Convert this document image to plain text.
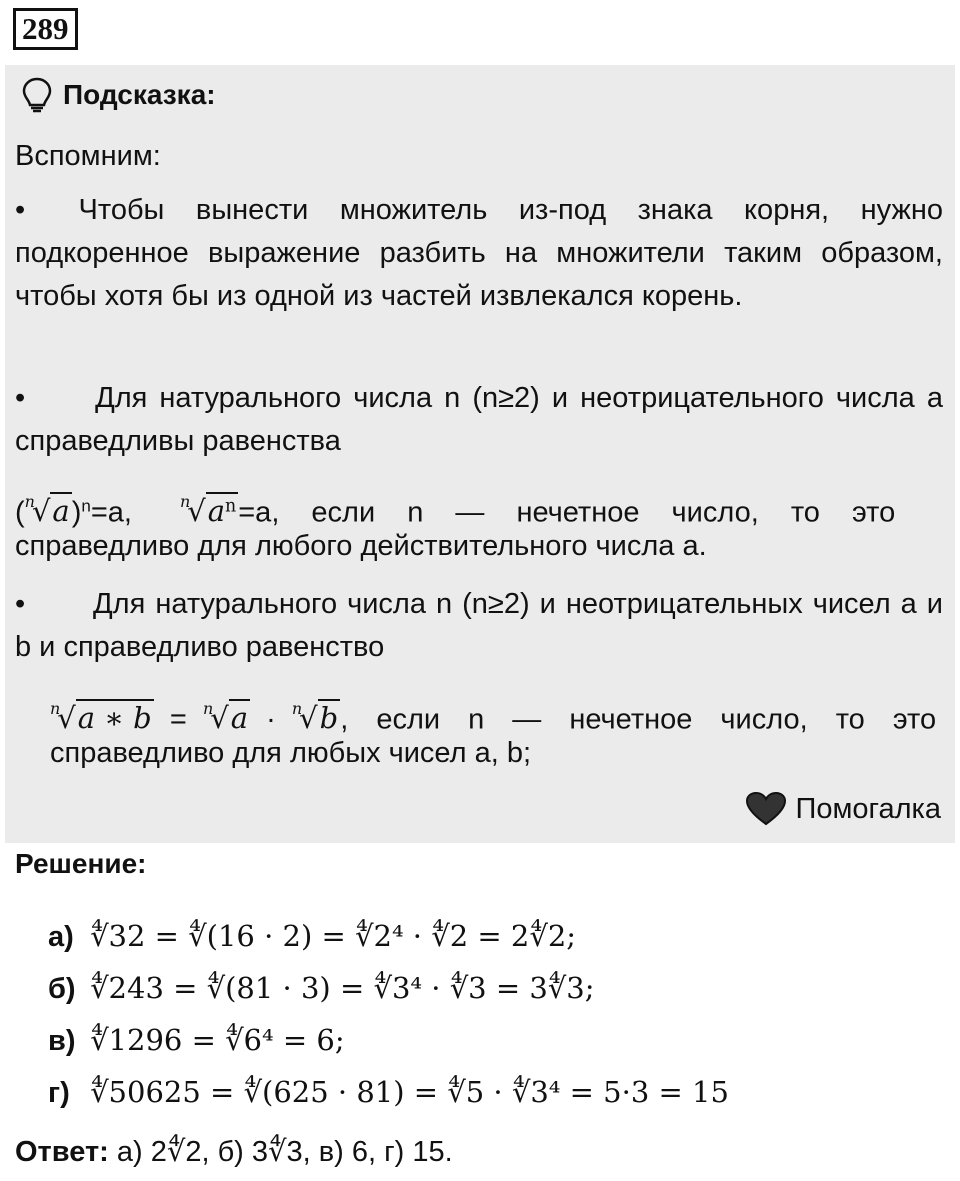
289
Подсказка:
Вспомним:
• Чтобы вынести множитель из-под знака корня, нужно подкоренное выражение разбить на множители таким образом, чтобы хотя бы из одной из частей извлекался корень.
• Для натурального числа n (n≥2) и неотрицательного числа a справедливы равенства
$(^n√a)^n=a$,	$^n√a^n=a$, если n — нечетное число, то это
справедливо для любого действительного числа a.
• Для натурального числа n (n≥2) и неотрицательных чисел a и b и справедливо равенство
$^n$√a ∗ b  =  $^n$√a  ·  $^n$√b, если n — нечетное число, то это
справедливо для любых чисел a, b;
Помогалка
Решение:
а) ∜32 = ∜(16 · 2) = ∜2⁴ · ∜2 = 2∜2;
б) ∜243 = ∜(81 · 3) = ∜3⁴ · ∜3 = 3∜3;
в) ∜1296 = ∜6⁴ = 6;
г) ∜50625 = ∜(625 · 81) = ∜5 · ∜3⁴ = 5·3 = 15
Ответ: а) 2∜2, б) 3∜3, в) 6, г) 15.
